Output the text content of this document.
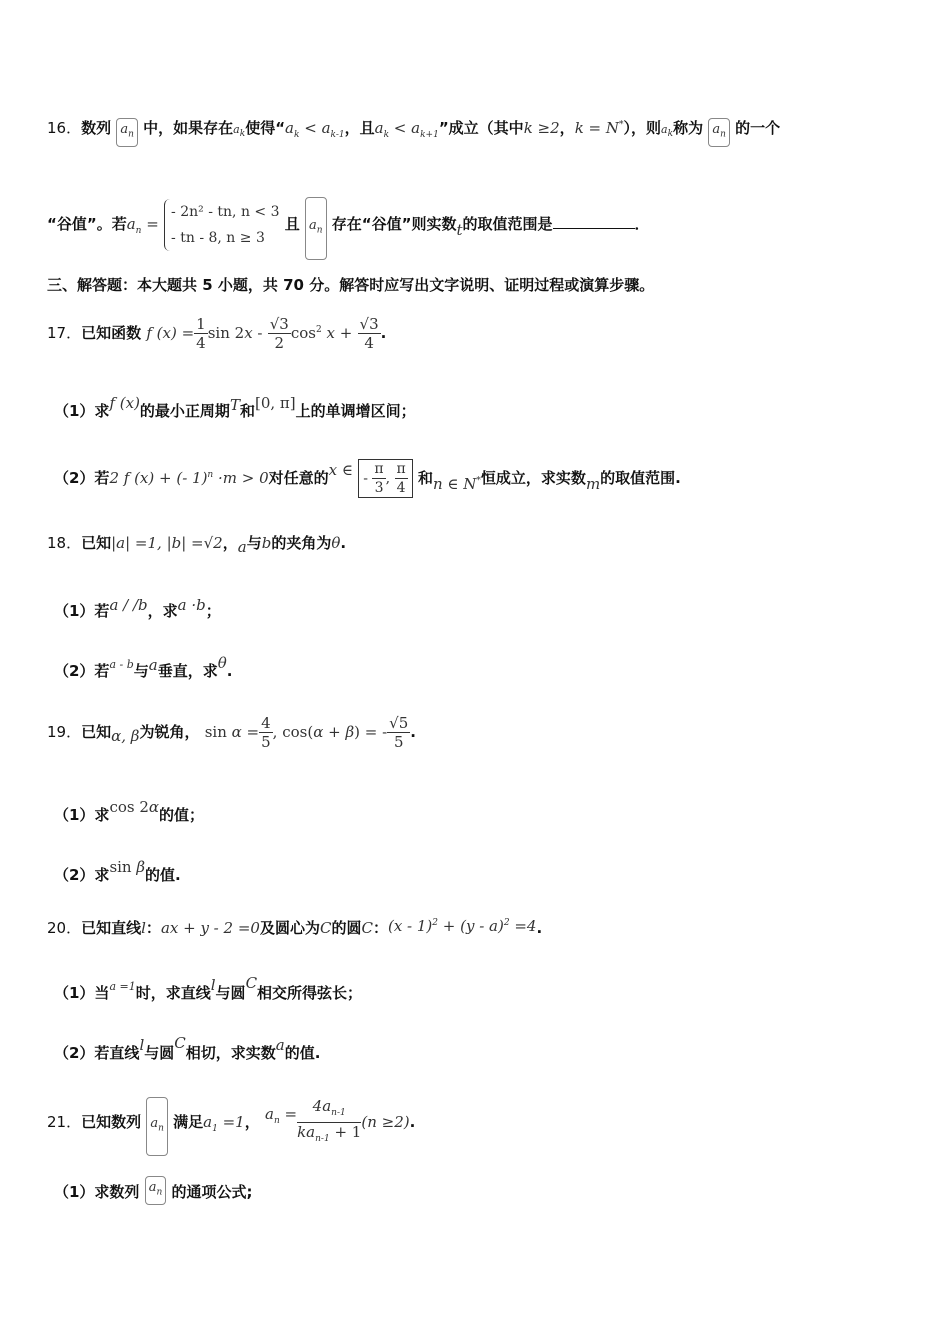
16．数列 $a_n$ 中，如果存在$a_k$使得“$a_k < a_{k-1}$，且$a_k < a_{k+1}$”成立（其中k ≥2，k = N*），则$a_k$称为 $a_n$ 的一个
“谷值”。若$a_n$ =
- 2n² - tn, n < 3
- tn - 8, n ≥ 3
且 $a_n$ 存在“谷值”则实数t的取值范围是	．
三、解答题：本大题共 5 小题，共 70 分。解答时应写出文字说明、证明过程或演算步骤。
17．已知函数 f $(x) = \frac{1}{4}$ $\sin 2x - \frac{√3}{2} \cos^2 x + \frac{√3}{4}$ .
（1）求f (x)的最小正周期T和[0, π]上的单调增区间；
（2）若2 f (x) + (- 1)$^n$ ·m > 0对任意的x ∈ - $\frac{\pi}{3}$ , $\frac{\pi}{4}$ 和n ∈ N*恒成立，求实数m的取值范围.
18．已知|a| =1, |b| =√2，a与b的夹角为θ.
（1）若a / /b，求a ·b；
（2）若$^{a - b}$与a垂直，求θ.
19．已知α, β为锐角， $\sin \alpha = \frac{4}{5}$ , cos(α + β) = - $\frac{√5}{5}$ .
（1）求cos 2α的值；
（2）求sin β的值.
20．已知直线l：ax + y - 2 =0及圆心为C的圆C：(x - 1)$^2$ + (y - a)$^2$ =4.
（1）当$^{a =1}$时，求直线l与圆C相交所得弦长；
（2）若直线l与圆C相切，求实数a的值.
21．已知数列 $a_n$ 满足$a_1 =1$， $a_n = \frac{4a_{n-1}}{ka_{n-1} + 1} (n \ge 2)$.
（1）求数列 $a_n$ 的通项公式;
